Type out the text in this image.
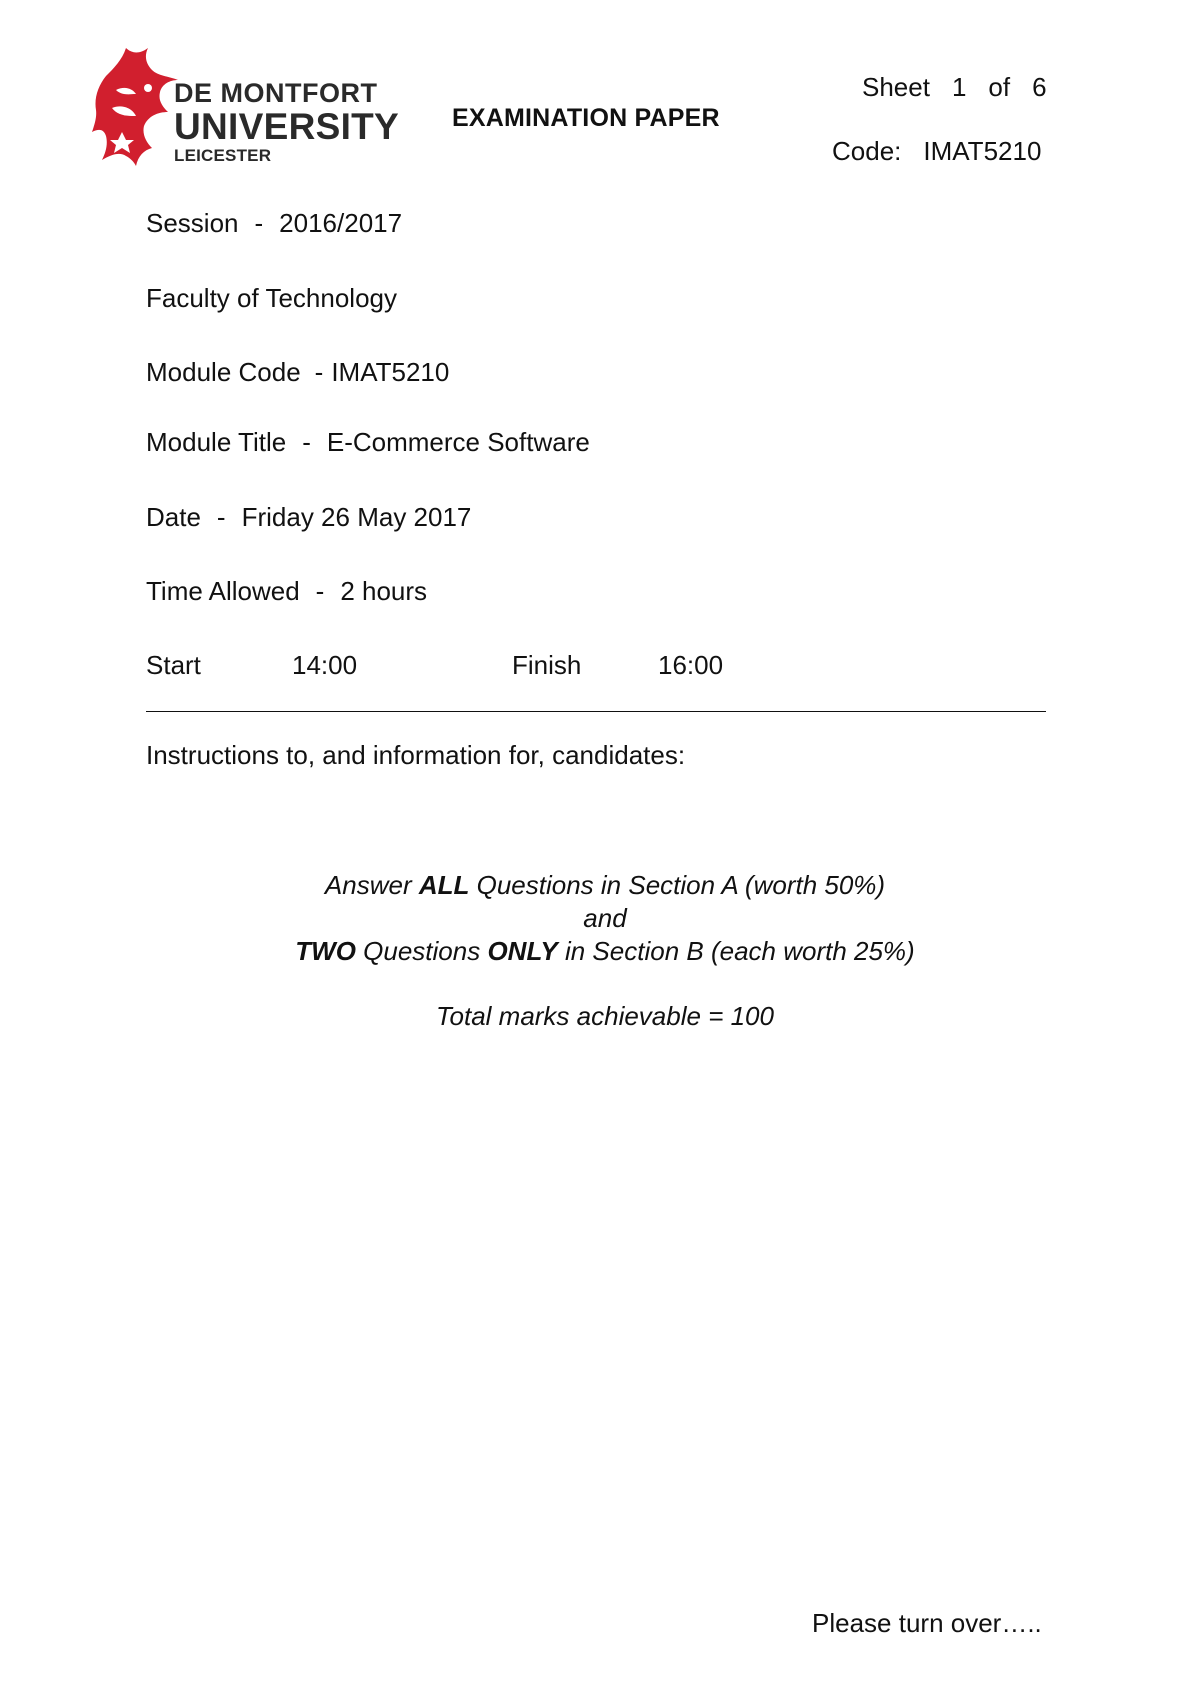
DE MONTFORT
UNIVERSITY
LEICESTER
EXAMINATION PAPER
Sheet 1 of 6
Code: IMAT5210
Session - 2016/2017
Faculty of Technology
Module Code - IMAT5210
Module Title - E-Commerce Software
Date - Friday 26 May 2017
Time Allowed - 2 hours
Start	14:00	Finish	16:00
Instructions to, and information for, candidates:
Answer ALL Questions in Section A (worth 50%)
and
TWO Questions ONLY in Section B (each worth 25%)
Total marks achievable = 100
Please turn over…..
